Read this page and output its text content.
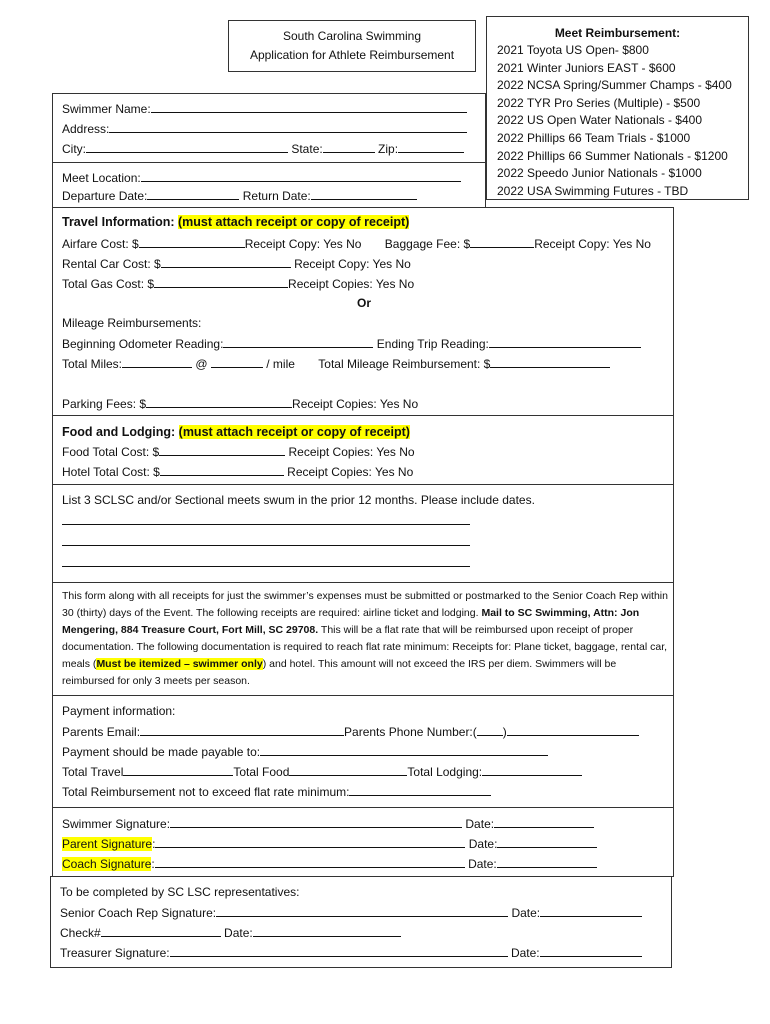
South Carolina Swimming
Application for Athlete Reimbursement
Meet Reimbursement:
2021 Toyota US Open- $800
2021 Winter Juniors EAST - $600
2022 NCSA Spring/Summer Champs - $400
2022 TYR Pro Series (Multiple) - $500
2022 US Open Water Nationals - $400
2022 Phillips 66 Team Trials - $1000
2022 Phillips 66 Summer Nationals - $1200
2022 Speedo Junior Nationals - $1000
2022 USA Swimming Futures - TBD
Swimmer Name:
Address:
City:	State:	Zip:
Meet Location:
Departure Date:	Return Date:
Travel Information: (must attach receipt or copy of receipt)
Airfare Cost: $	Receipt Copy: Yes No Baggage Fee: $	Receipt Copy: Yes No
Rental Car Cost: $	Receipt Copy: Yes No
Total Gas Cost: $	Receipt Copies: Yes No
Or
Mileage Reimbursements:
Beginning Odometer Reading:	Ending Trip Reading:
Total Miles:	@	/ mile Total Mileage Reimbursement: $
Parking Fees: $	Receipt Copies: Yes No
Food and Lodging: (must attach receipt or copy of receipt)
Food Total Cost: $	Receipt Copies: Yes No
Hotel Total Cost: $	Receipt Copies: Yes No
List 3 SCLSC and/or Sectional meets swum in the prior 12 months. Please include dates.
This form along with all receipts for just the swimmer’s expenses must be submitted or postmarked to the Senior Coach Rep within 30 (thirty) days of the Event. The following receipts are required: airline ticket and lodging. Mail to SC Swimming, Attn: Jon Mengering, 884 Treasure Court, Fort Mill, SC 29708. This will be a flat rate that will be reimbursed upon receipt of proper documentation. The following documentation is required to reach flat rate minimum: Receipts for: Plane ticket, baggage, rental car, meals (Must be itemized – swimmer only) and hotel. This amount will not exceed the IRS per diem. Swimmers will be reimbursed for only 3 meets per season.
Payment information:
Parents Email:	Parents Phone Number:( )
Payment should be made payable to:
Total Travel	Total Food	Total Lodging:
Total Reimbursement not to exceed flat rate minimum:
Swimmer Signature:	Date:
Parent Signature:	Date:
Coach Signature:	Date:
To be completed by SC LSC representatives:
Senior Coach Rep Signature:	Date:
Check#	Date:
Treasurer Signature:	Date:
